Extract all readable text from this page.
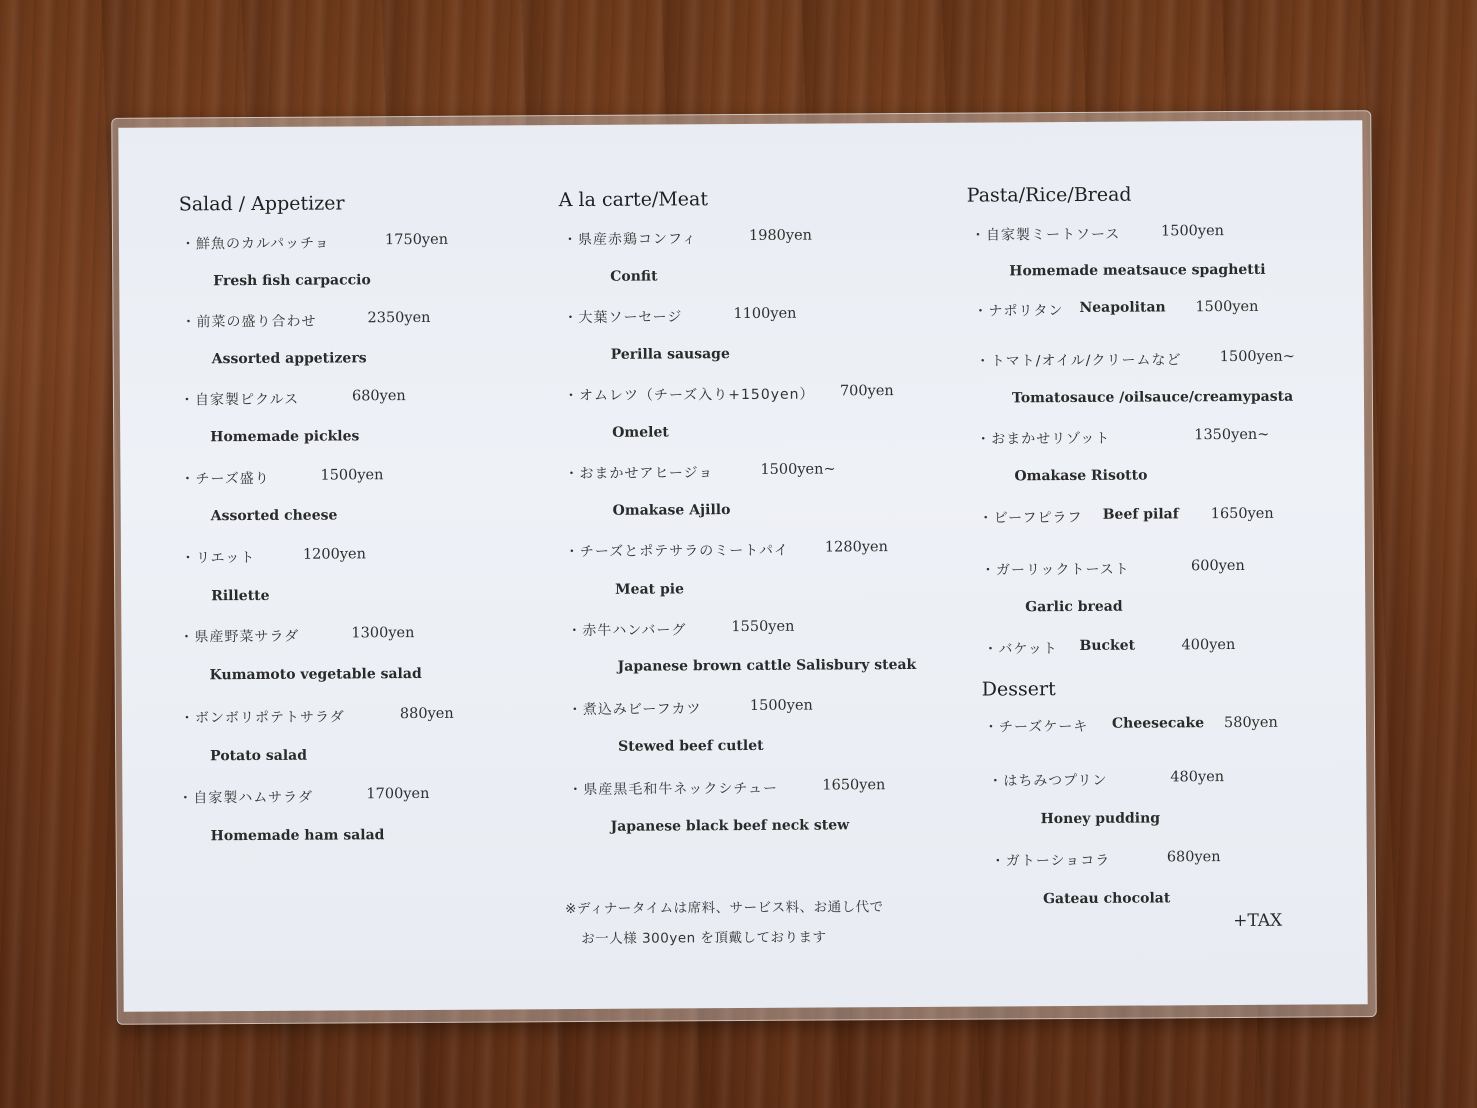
Salad / Appetizer
・鮮魚のカルパッチョ	1750yen
Fresh fish carpaccio
・前菜の盛り合わせ	2350yen
Assorted appetizers
・自家製ピクルス	680yen
Homemade pickles
・チーズ盛り	1500yen
Assorted cheese
・リエット	1200yen
Rillette
・県産野菜サラダ	1300yen
Kumamoto vegetable salad
・ボンボリポテトサラダ	880yen
Potato salad
・自家製ハムサラダ	1700yen
Homemade ham salad
A la carte/Meat
・県産赤鶏コンフィ	1980yen
Confit
・大葉ソーセージ	1100yen
Perilla sausage
・オムレツ（チーズ入り+150yen） 700yen
Omelet
・おまかせアヒージョ	1500yen~
Omakase Ajillo
・チーズとポテサラのミートパイ 1280yen
Meat pie
・赤牛ハンバーグ	1550yen
Japanese brown cattle Salisbury steak
・煮込みビーフカツ	1500yen
Stewed beef cutlet
・県産黒毛和牛ネックシチュー	1650yen
Japanese black beef neck stew
※ディナータイムは席料、サービス料、お通し代で
お一人様 300yen を頂戴しております
Pasta/Rice/Bread
・自家製ミートソース	1500yen
Homemade meatsauce spaghetti
・ナポリタン Neapolitan 1500yen
・トマト/オイル/クリームなど	1500yen~
Tomatosauce /oilsauce/creamypasta
・おまかせリゾット	1350yen~
Omakase Risotto
・ビーフピラフ Beef pilaf 1650yen
・ガーリックトースト	600yen
Garlic bread
・バケット Bucket	400yen
Dessert
・チーズケーキ Cheesecake 580yen
・はちみつプリン	480yen
Honey pudding
・ガトーショコラ	680yen
Gateau chocolat
+TAX
